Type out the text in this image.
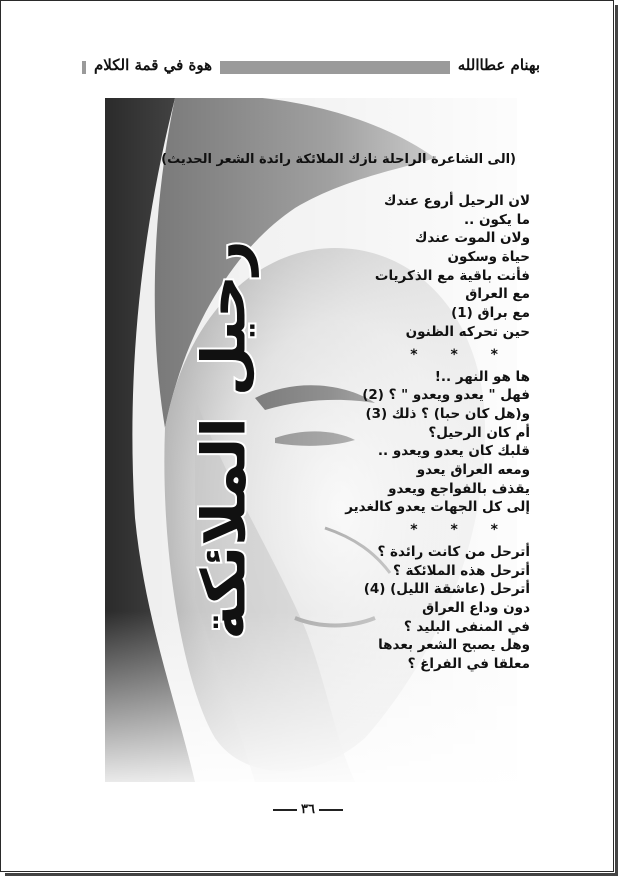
بهنام عطاالله
هوة في قمة الكلام
رحيل الملائكة
(الى الشاعرة الراحلة نازك الملائكة رائدة الشعر الحديث)
لان الرحيل أروع عندك
ما يكون ..
ولان الموت عندك
حياة وسكون
فأنت باقية مع الذكريات
مع العراق
مع براق (1)
حين تحركه الظنون
* * *
ها هو النهر ..!
فهل " يعدو ويعدو " ؟ (2)
و(هل كان حبا) ؟ ذلك (3)
أم كان الرحيل؟
قلبك كان يعدو ويعدو ..
ومعه العراق يعدو
يقذف بالفواجع ويعدو
إلى كل الجهات يعدو كالغدير
* * *
أترحل من كانت رائدة ؟
أترحل هذه الملائكة ؟
أترحل (عاشقة الليل) (4)
دون وداع العراق
في المنفى البليد ؟
وهل يصبح الشعر بعدها
معلقا في الفراغ ؟
٣٦
